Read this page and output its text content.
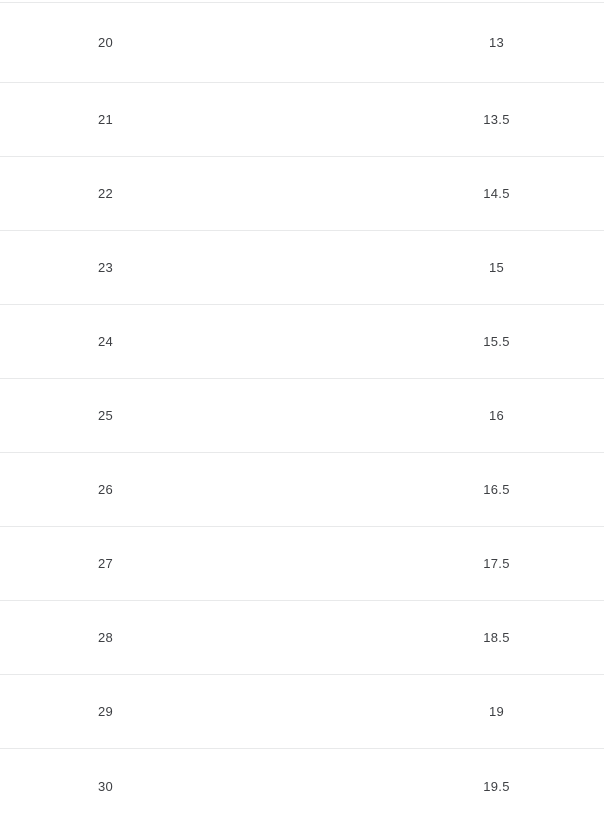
20	13
21	13.5
22	14.5
23	15
24	15.5
25	16
26	16.5
27	17.5
28	18.5
29	19
30	19.5
